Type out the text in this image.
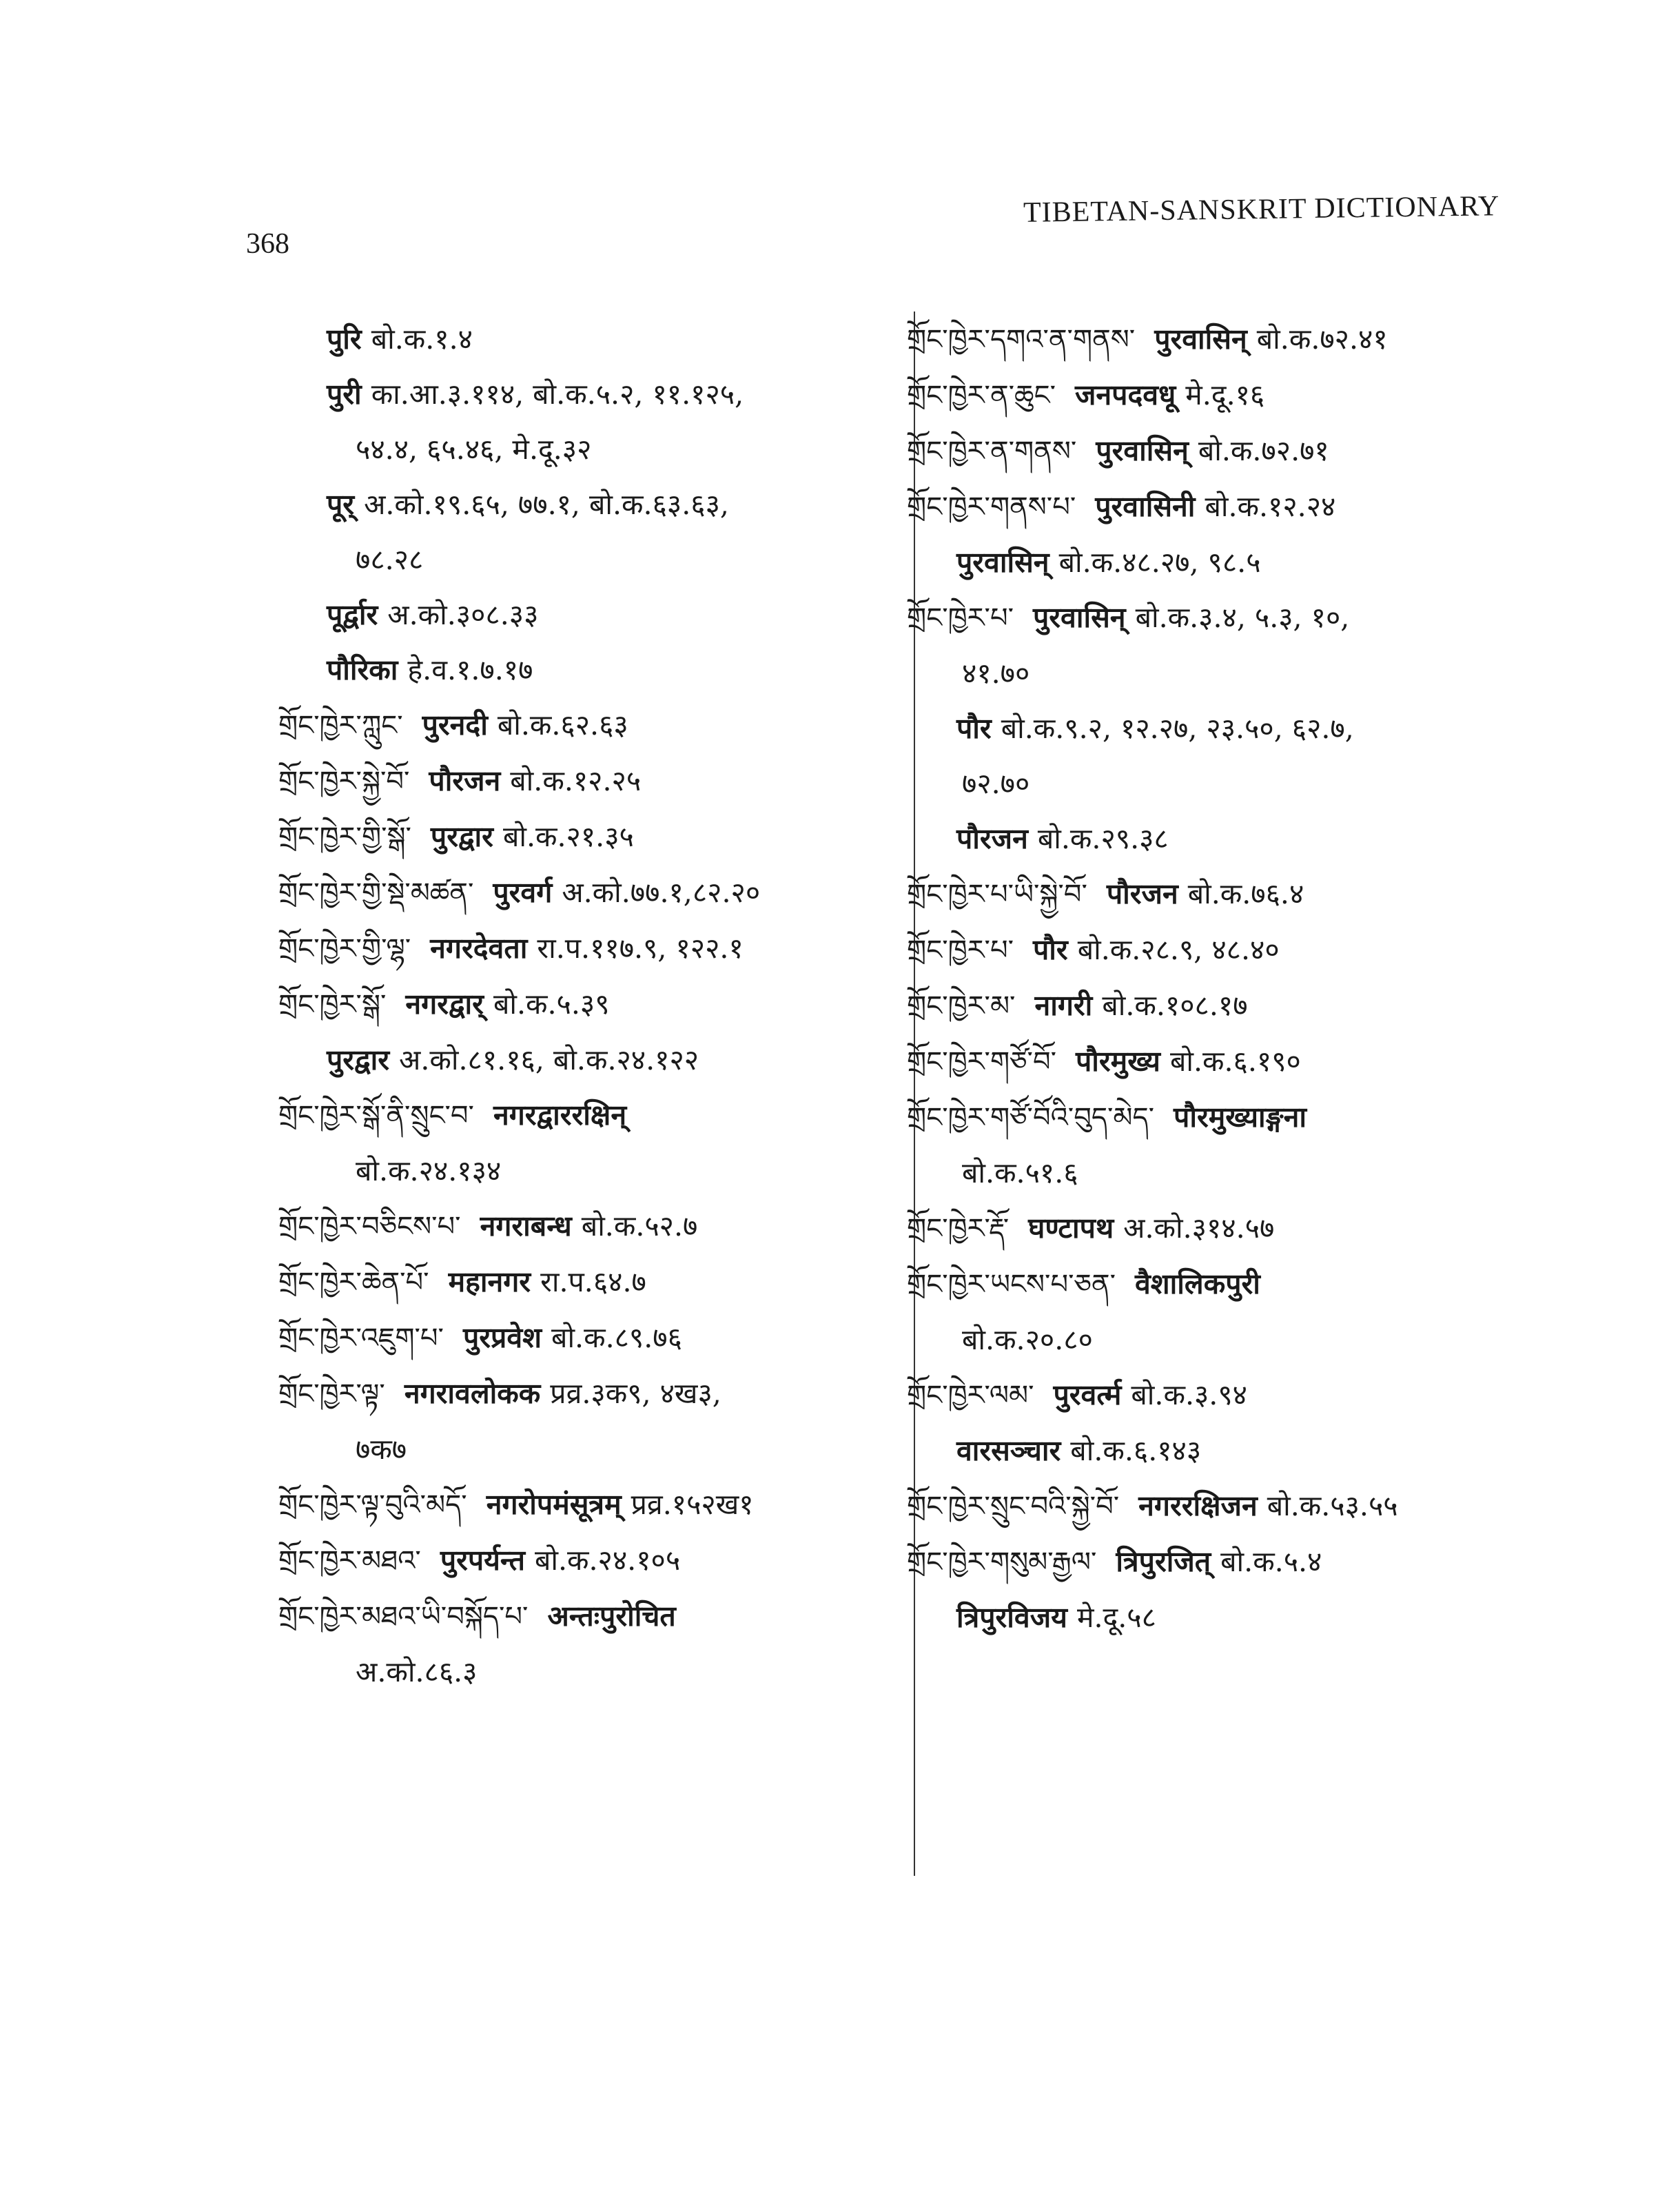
368
TIBETAN-SANSKRIT DICTIONARY
पुरि बो.क.१.४
पुरी का.आ.३.११४, बो.क.५.२, ११.१२५,
५४.४, ६५.४६, मे.दू.३२
पूर् अ.को.१९.६५, ७७.१, बो.क.६३.६३,
७८.२८
पूर्द्वार अ.को.३०८.३३
पौरिका हे.व.१.७.१७
གྲོང་ཁྱེར་ཀླུང་ पुरनदी बो.क.६२.६३
གྲོང་ཁྱེར་སྐྱེ་བོ་ पौरजन बो.क.१२.२५
གྲོང་ཁྱེར་གྱི་སྒོ་ पुरद्वार बो.क.२१.३५
གྲོང་ཁྱེར་གྱི་སྡེ་མཚན་ पुरवर्ग अ.को.७७.१,८२.२०
གྲོང་ཁྱེར་གྱི་ལྷ་ नगरदेवता रा.प.११७.९, १२२.१
གྲོང་ཁྱེར་སྒོ་ नगरद्वार् बो.क.५.३९
पुरद्वार अ.को.८१.१६, बो.क.२४.१२२
གྲོང་ཁྱེར་སྒོ་ནི་སྲུང་བ་ नगरद्वाररक्षिन्
बो.क.२४.१३४
གྲོང་ཁྱེར་བཅིངས་པ་ नगराबन्ध बो.क.५२.७
གྲོང་ཁྱེར་ཆེན་པོ་ महानगर रा.प.६४.७
གྲོང་ཁྱེར་འཇུག་པ་ पुरप्रवेश बो.क.८९.७६
གྲོང་ཁྱེར་ལྟ་ नगरावलोकक प्रव्र.३क९, ४ख३,
७क७
གྲོང་ཁྱེར་ལྟ་བུའི་མདོ་ नगरोपमंसूत्रम् प्रव्र.१५२ख१
གྲོང་ཁྱེར་མཐའ་ पुरपर्यन्त बो.क.२४.१०५
གྲོང་ཁྱེར་མཐའ་ཡི་བསྐོད་པ་ अन्तःपुरोचित
अ.को.८६.३
གྲོང་ཁྱེར་དགའ་ན་གནས་ पुरवासिन् बो.क.७२.४१
གྲོང་ཁྱེར་ན་ཆུང་ जनपदवधू मे.दू.१६
གྲོང་ཁྱེར་ན་གནས་ पुरवासिन् बो.क.७२.७१
གྲོང་ཁྱེར་གནས་པ་ पुरवासिनी बो.क.१२.२४
पुरवासिन् बो.क.४८.२७, ९८.५
གྲོང་ཁྱེར་པ་ पुरवासिन् बो.क.३.४, ५.३, १०,
४१.७०
पौर बो.क.९.२, १२.२७, २३.५०, ६२.७,
७२.७०
पौरजन बो.क.२९.३८
གྲོང་ཁྱེར་པ་ཡི་སྐྱེ་བོ་ पौरजन बो.क.७६.४
གྲོང་ཁྱེར་པ་ पौर बो.क.२८.९, ४८.४०
གྲོང་ཁྱེར་མ་ नागरी बो.क.१०८.१७
གྲོང་ཁྱེར་གཙོ་བོ་ पौरमुख्य बो.क.६.१९०
གྲོང་ཁྱེར་གཙོ་བོའི་བུད་མེད་ पौरमुख्याङ्गना
बो.क.५१.६
གྲོང་ཁྱེར་རྡོ་ घण्टापथ अ.को.३१४.५७
གྲོང་ཁྱེར་ཡངས་པ་ཅན་ वैशालिकपुरी
बो.क.२०.८०
གྲོང་ཁྱེར་ལམ་ पुरवर्त्म बो.क.३.९४
वारसञ्चार बो.क.६.१४३
གྲོང་ཁྱེར་སྲུང་བའི་སྐྱེ་བོ་ नगररक्षिजन बो.क.५३.५५
གྲོང་ཁྱེར་གསུམ་རྒྱལ་ त्रिपुरजित् बो.क.५.४
त्रिपुरविजय मे.दू.५८
